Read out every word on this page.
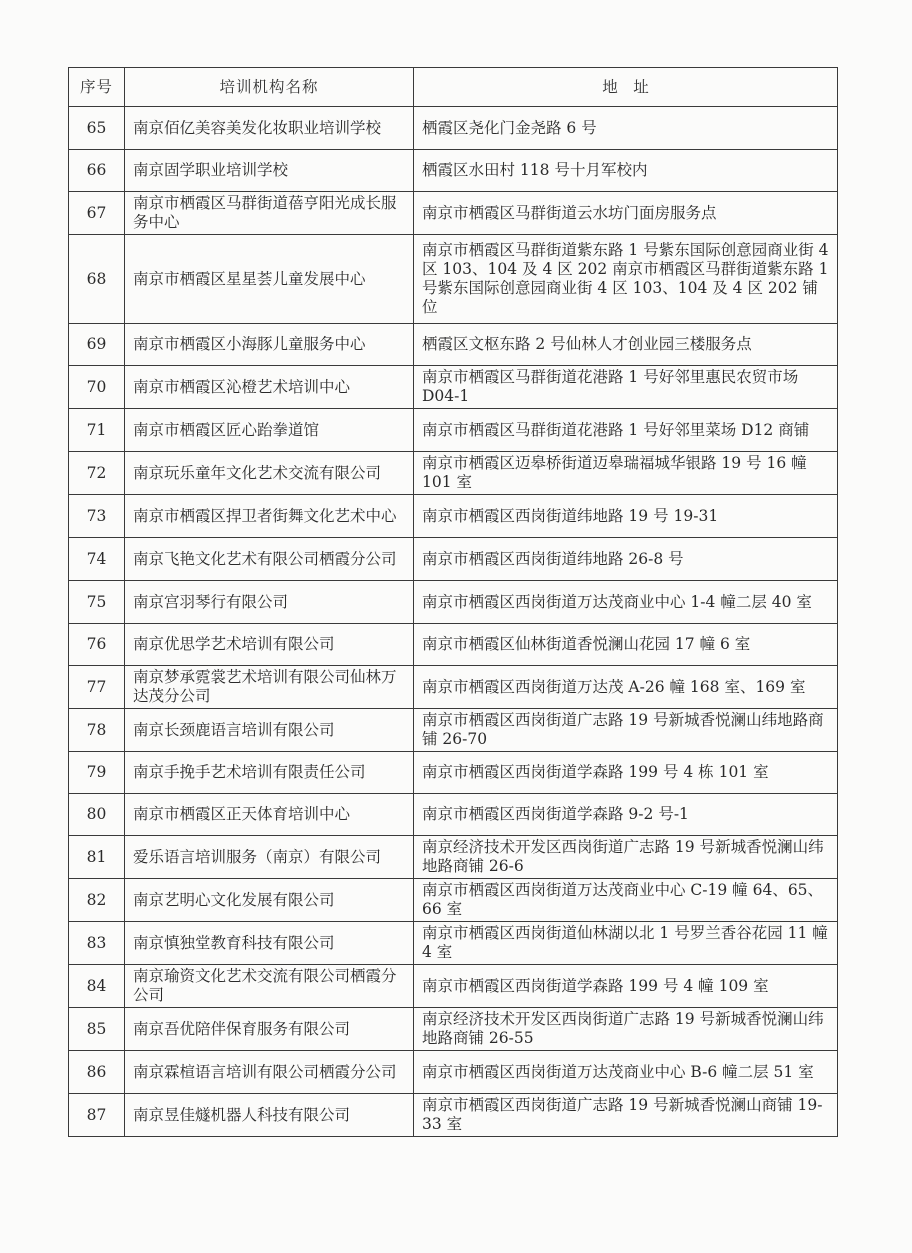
序号	培训机构名称	地　址
65	南京佰亿美容美发化妆职业培训学校	栖霞区尧化门金尧路 6 号
66	南京固学职业培训学校	栖霞区水田村 118 号十月军校内
67	南京市栖霞区马群街道蓓亨阳光成长服务中心	南京市栖霞区马群街道云水坊门面房服务点
68	南京市栖霞区星星荟儿童发展中心	南京市栖霞区马群街道紫东路 1 号紫东国际创意园商业街 4 区 103、104 及 4 区 202 南京市栖霞区马群街道紫东路 1 号紫东国际创意园商业街 4 区 103、104 及 4 区 202 铺位
69	南京市栖霞区小海豚儿童服务中心	栖霞区文枢东路 2 号仙林人才创业园三楼服务点
70	南京市栖霞区沁橙艺术培训中心	南京市栖霞区马群街道花港路 1 号好邻里惠民农贸市场 D04-1
71	南京市栖霞区匠心跆拳道馆	南京市栖霞区马群街道花港路 1 号好邻里菜场 D12 商铺
72	南京玩乐童年文化艺术交流有限公司	南京市栖霞区迈皋桥街道迈皋瑞福城华银路 19 号 16 幢 101 室
73	南京市栖霞区捍卫者街舞文化艺术中心	南京市栖霞区西岗街道纬地路 19 号 19-31
74	南京飞艳文化艺术有限公司栖霞分公司	南京市栖霞区西岗街道纬地路 26-8 号
75	南京宫羽琴行有限公司	南京市栖霞区西岗街道万达茂商业中心 1-4 幢二层 40 室
76	南京优思学艺术培训有限公司	南京市栖霞区仙林街道香悦澜山花园 17 幢 6 室
77	南京梦承霓裳艺术培训有限公司仙林万达茂分公司	南京市栖霞区西岗街道万达茂 A-26 幢 168 室、169 室
78	南京长颈鹿语言培训有限公司	南京市栖霞区西岗街道广志路 19 号新城香悦澜山纬地路商铺 26-70
79	南京手挽手艺术培训有限责任公司	南京市栖霞区西岗街道学森路 199 号 4 栋 101 室
80	南京市栖霞区正天体育培训中心	南京市栖霞区西岗街道学森路 9-2 号-1
81	爱乐语言培训服务（南京）有限公司	南京经济技术开发区西岗街道广志路 19 号新城香悦澜山纬地路商铺 26-6
82	南京艺明心文化发展有限公司	南京市栖霞区西岗街道万达茂商业中心 C-19 幢 64、65、66 室
83	南京慎独堂教育科技有限公司	南京市栖霞区西岗街道仙林湖以北 1 号罗兰香谷花园 11 幢 4 室
84	南京瑜资文化艺术交流有限公司栖霞分公司	南京市栖霞区西岗街道学森路 199 号 4 幢 109 室
85	南京吾优陪伴保育服务有限公司	南京经济技术开发区西岗街道广志路 19 号新城香悦澜山纬地路商铺 26-55
86	南京霖楦语言培训有限公司栖霞分公司	南京市栖霞区西岗街道万达茂商业中心 B-6 幢二层 51 室
87	南京昱佳燧机器人科技有限公司	南京市栖霞区西岗街道广志路 19 号新城香悦澜山商铺 19-33 室
